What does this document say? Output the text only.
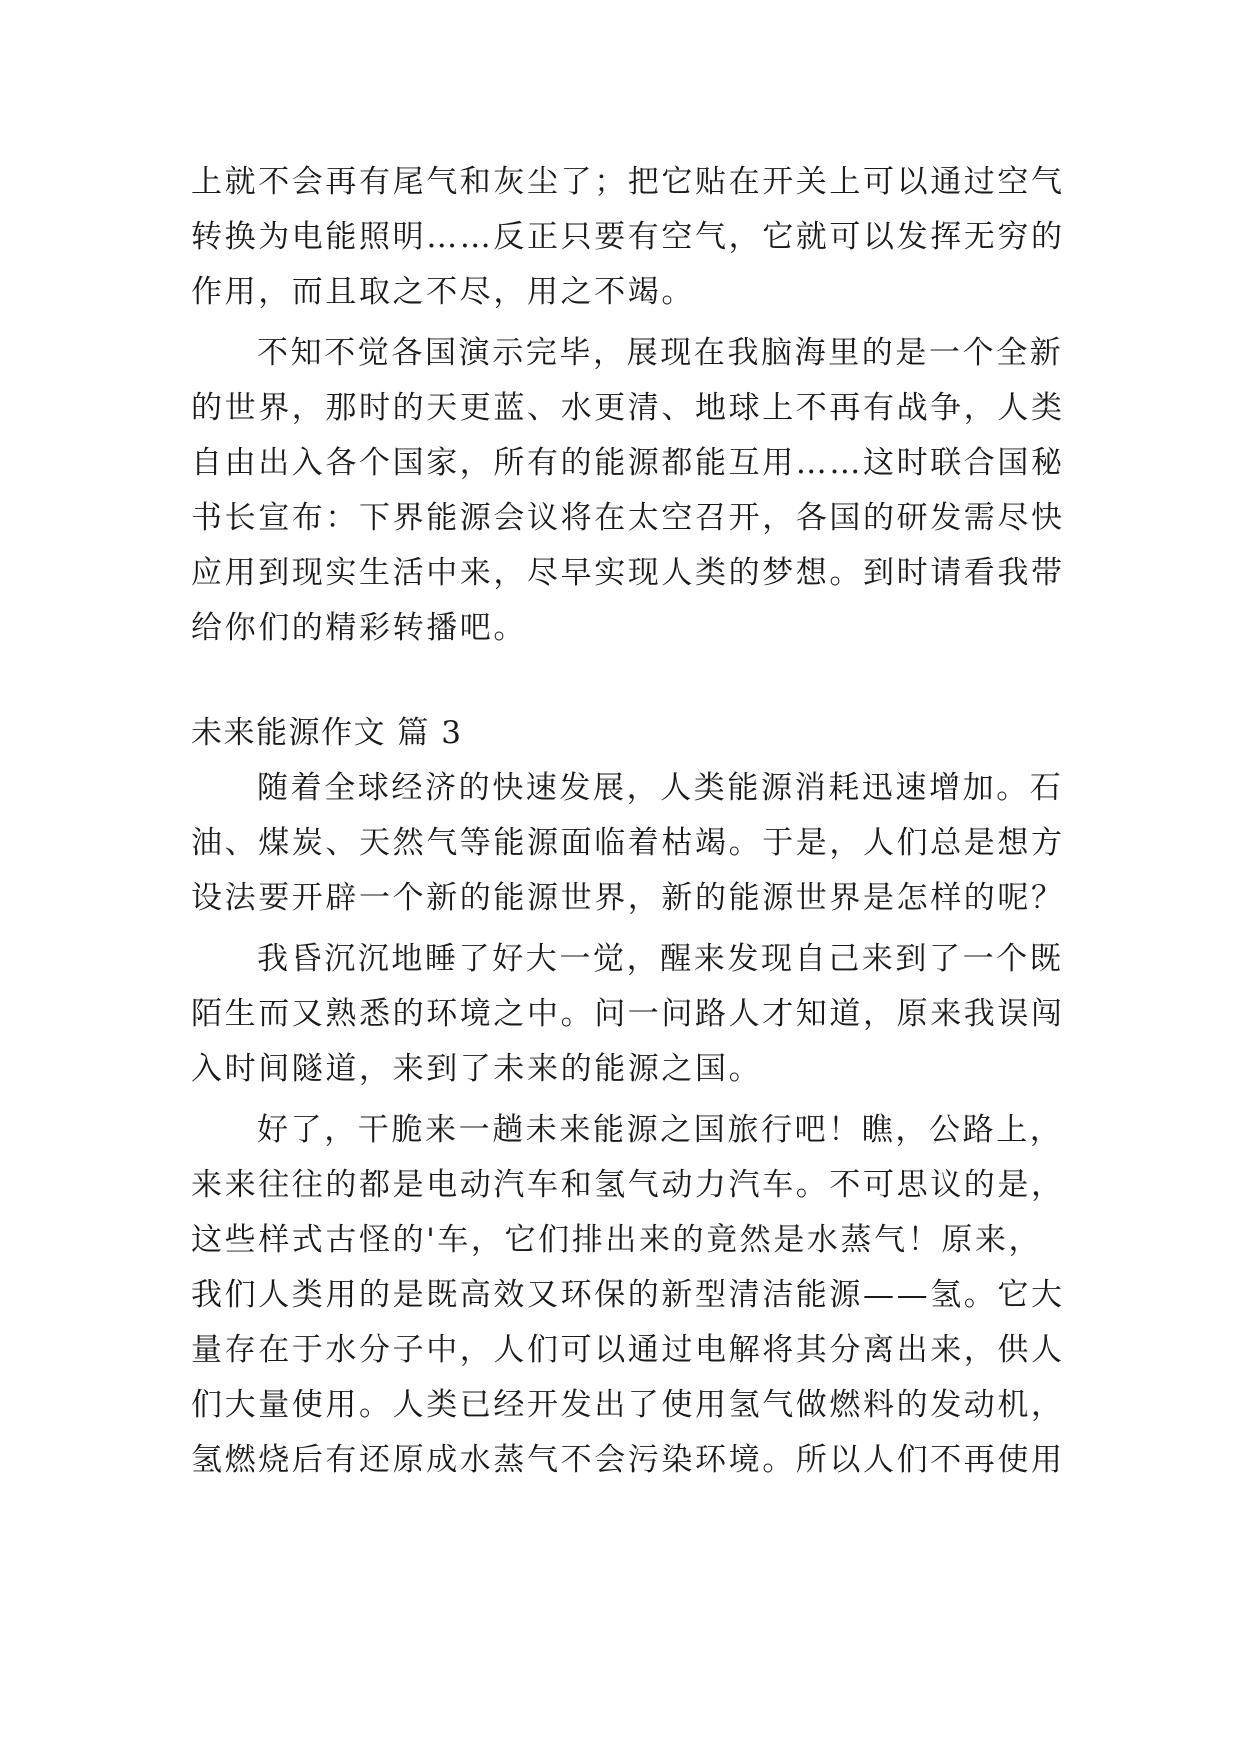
上就不会再有尾气和灰尘了；把它贴在开关上可以通过空气
转换为电能照明……反正只要有空气，它就可以发挥无穷的
作用，而且取之不尽，用之不竭。
不知不觉各国演示完毕，展现在我脑海里的是一个全新
的世界，那时的天更蓝、水更清、地球上不再有战争，人类
自由出入各个国家，所有的能源都能互用……这时联合国秘
书长宣布：下界能源会议将在太空召开，各国的研发需尽快
应用到现实生活中来，尽早实现人类的梦想。到时请看我带
给你们的精彩转播吧。
未来能源作文 篇 3
随着全球经济的快速发展，人类能源消耗迅速增加。石
油、煤炭、天然气等能源面临着枯竭。于是，人们总是想方
设法要开辟一个新的能源世界，新的能源世界是怎样的呢？
我昏沉沉地睡了好大一觉，醒来发现自己来到了一个既
陌生而又熟悉的环境之中。问一问路人才知道，原来我误闯
入时间隧道，来到了未来的能源之国。
好了，干脆来一趟未来能源之国旅行吧！瞧，公路上，
来来往往的都是电动汽车和氢气动力汽车。不可思议的是，
这些样式古怪的'车，它们排出来的竟然是水蒸气！原来，
我们人类用的是既高效又环保的新型清洁能源——氢。它大
量存在于水分子中，人们可以通过电解将其分离出来，供人
们大量使用。人类已经开发出了使用氢气做燃料的发动机，
氢燃烧后有还原成水蒸气不会污染环境。所以人们不再使用
